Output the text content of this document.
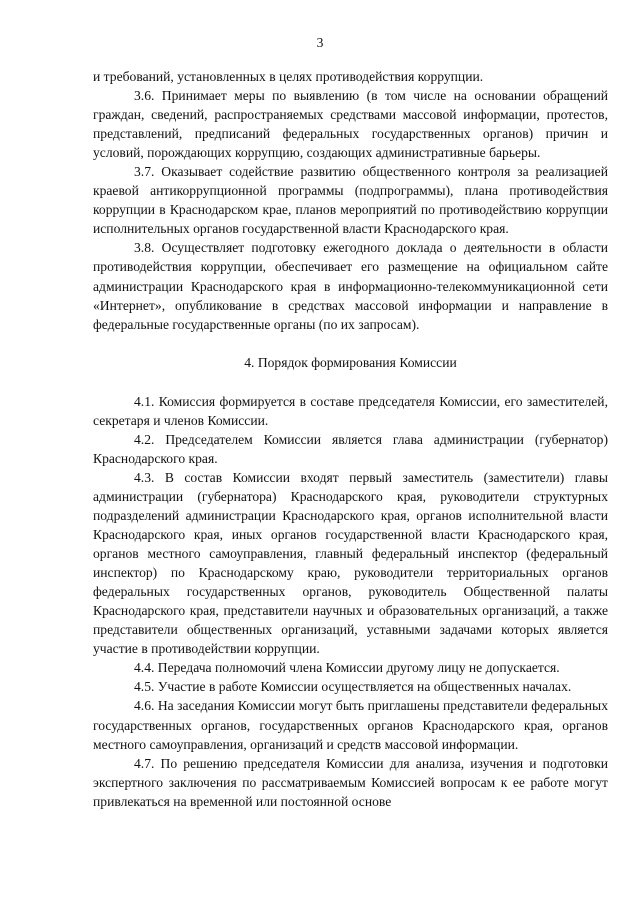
3

и требований, установленных в целях противодействия коррупции.

3.6. Принимает меры по выявлению (в том числе на основании обращений граждан, сведений, распространяемых средствами массовой информации, протестов, представлений, предписаний федеральных государственных органов) причин и условий, порождающих коррупцию, создающих административные барьеры.

3.7. Оказывает содействие развитию общественного контроля за реализацией краевой антикоррупционной программы (подпрограммы), плана противодействия коррупции в Краснодарском крае, планов мероприятий по противодействию коррупции исполнительных органов государственной власти Краснодарского края.

3.8. Осуществляет подготовку ежегодного доклада о деятельности в области противодействия коррупции, обеспечивает его размещение на официальном сайте администрации Краснодарского края в информационно-телекоммуникационной сети «Интернет», опубликование в средствах массовой информации и направление в федеральные государственные органы (по их запросам).

4. Порядок формирования Комиссии

4.1. Комиссия формируется в составе председателя Комиссии, его заместителей, секретаря и членов Комиссии.

4.2. Председателем Комиссии является глава администрации (губернатор) Краснодарского края.

4.3. В состав Комиссии входят первый заместитель (заместители) главы администрации (губернатора) Краснодарского края, руководители структурных подразделений администрации Краснодарского края, органов исполнительной власти Краснодарского края, иных органов государственной власти Краснодарского края, органов местного самоуправления, главный федеральный инспектор (федеральный инспектор) по Краснодарскому краю, руководители территориальных органов федеральных государственных органов, руководитель Общественной палаты Краснодарского края, представители научных и образовательных организаций, а также представители общественных организаций, уставными задачами которых является участие в противодействии коррупции.

4.4. Передача полномочий члена Комиссии другому лицу не допускается.

4.5. Участие в работе Комиссии осуществляется на общественных началах.

4.6. На заседания Комиссии могут быть приглашены представители федеральных государственных органов, государственных органов Краснодарского края, органов местного самоуправления, организаций и средств массовой информации.

4.7. По решению председателя Комиссии для анализа, изучения и подготовки экспертного заключения по рассматриваемым Комиссией вопросам к ее работе могут привлекаться на временной или постоянной основе
